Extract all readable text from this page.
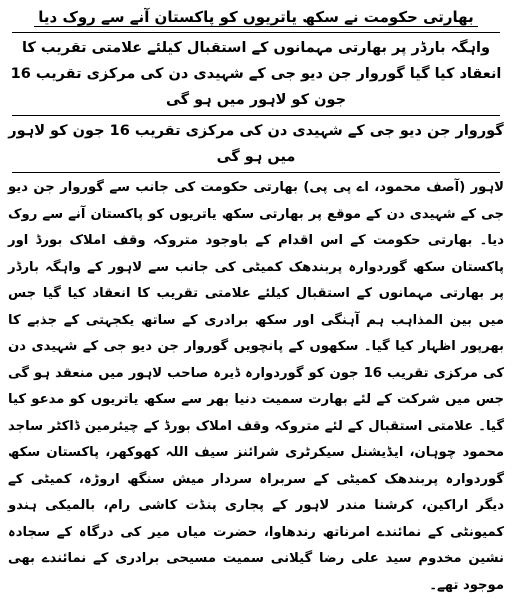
بھارتی حکومت نے سکھ یاتریوں کو پاکستان آنے سے روک دیا

واہگہ بارڈر پر بھارتی مہمانوں کے استقبال کیلئے علامتی تقریب کا انعقاد کیا گیا گوروار جن دیو جی کے شہیدی دن کی مرکزی تقریب 16 جون کو لاہور میں ہو گی

گوروار جن دیو جی کے شہیدی دن کی مرکزی تقریب 16 جون کو لاہور میں ہو گی

لاہور (آصف محمود، اے پی پی) بھارتی حکومت کی جانب سے گوروار جن دیو جی کے شہیدی دن کے موقع پر بھارتی سکھ یاتریوں کو پاکستان آنے سے روک دیا۔ بھارتی حکومت کے اس اقدام کے باوجود متروکہ وقف املاک بورڈ اور پاکستان سکھ گوردوارہ پربندھک کمیٹی کی جانب سے لاہور کے واہگہ بارڈر پر بھارتی مہمانوں کے استقبال کیلئے علامتی تقریب کا انعقاد کیا گیا جس میں بین المذاہب ہم آہنگی اور سکھ برادری کے ساتھ یکجہتی کے جذبے کا بھرپور اظہار کیا گیا۔ سکھوں کے پانچویں گوروار جن دیو جی کے شہیدی دن کی مرکزی تقریب 16 جون کو گوردوارہ ڈیرہ صاحب لاہور میں منعقد ہو گی جس میں شرکت کے لئے بھارت سمیت دنیا بھر سے سکھ یاتریوں کو مدعو کیا گیا۔ علامتی استقبال کے لئے متروکہ وقف املاک بورڈ کے چیئرمین ڈاکٹر ساجد محمود چوہان، ایڈیشنل سیکرٹری شرائنز سیف اللہ کھوکھر، پاکستان سکھ گوردوارہ پربندھک کمیٹی کے سربراہ سردار میش سنگھ اروڑہ، کمیٹی کے دیگر اراکین، کرشنا مندر لاہور کے پجاری پنڈت کاشی رام، بالمیکی ہندو کمیونٹی کے نمائندے امرناتھ رندھاوا، حضرت میاں میر کی درگاہ کے سجادہ نشین مخدوم سید علی رضا گیلانی سمیت مسیحی برادری کے نمائندے بھی موجود تھے۔
